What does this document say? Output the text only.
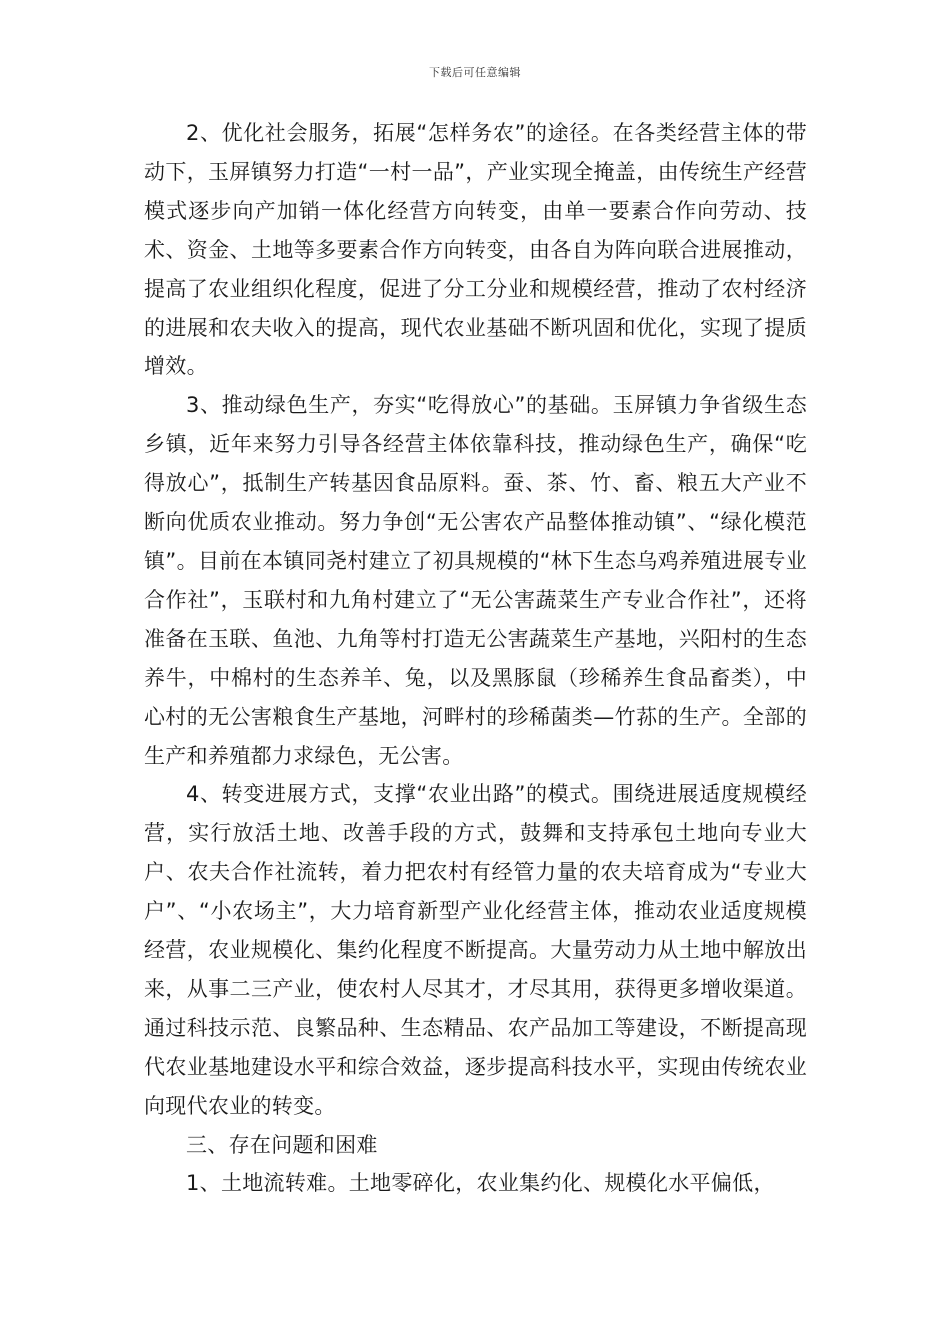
下载后可任意编辑

2、优化社会服务，拓展“怎样务农”的途径。在各类经营主体的带动下，玉屏镇努力打造“一村一品”，产业实现全掩盖，由传统生产经营模式逐步向产加销一体化经营方向转变，由单一要素合作向劳动、技术、资金、土地等多要素合作方向转变，由各自为阵向联合进展推动，提高了农业组织化程度，促进了分工分业和规模经营，推动了农村经济的进展和农夫收入的提高，现代农业基础不断巩固和优化，实现了提质增效。

3、推动绿色生产，夯实“吃得放心”的基础。玉屏镇力争省级生态乡镇，近年来努力引导各经营主体依靠科技，推动绿色生产，确保“吃得放心”，抵制生产转基因食品原料。蚕、茶、竹、畜、粮五大产业不断向优质农业推动。努力争创“无公害农产品整体推动镇”、“绿化模范镇”。目前在本镇同尧村建立了初具规模的“林下生态乌鸡养殖进展专业合作社”，玉联村和九角村建立了“无公害蔬菜生产专业合作社”，还将准备在玉联、鱼池、九角等村打造无公害蔬菜生产基地，兴阳村的生态养牛，中棉村的生态养羊、兔，以及黑豚鼠（珍稀养生食品畜类），中心村的无公害粮食生产基地，河畔村的珍稀菌类—竹荪的生产。全部的生产和养殖都力求绿色，无公害。

4、转变进展方式，支撑“农业出路”的模式。围绕进展适度规模经营，实行放活土地、改善手段的方式，鼓舞和支持承包土地向专业大户、农夫合作社流转，着力把农村有经管力量的农夫培育成为“专业大户”、“小农场主”，大力培育新型产业化经营主体，推动农业适度规模经营，农业规模化、集约化程度不断提高。大量劳动力从土地中解放出来，从事二三产业，使农村人尽其才，才尽其用，获得更多增收渠道。通过科技示范、良繁品种、生态精品、农产品加工等建设，不断提高现代农业基地建设水平和综合效益，逐步提高科技水平，实现由传统农业向现代农业的转变。

三、存在问题和困难

1、土地流转难。土地零碎化，农业集约化、规模化水平偏低，
